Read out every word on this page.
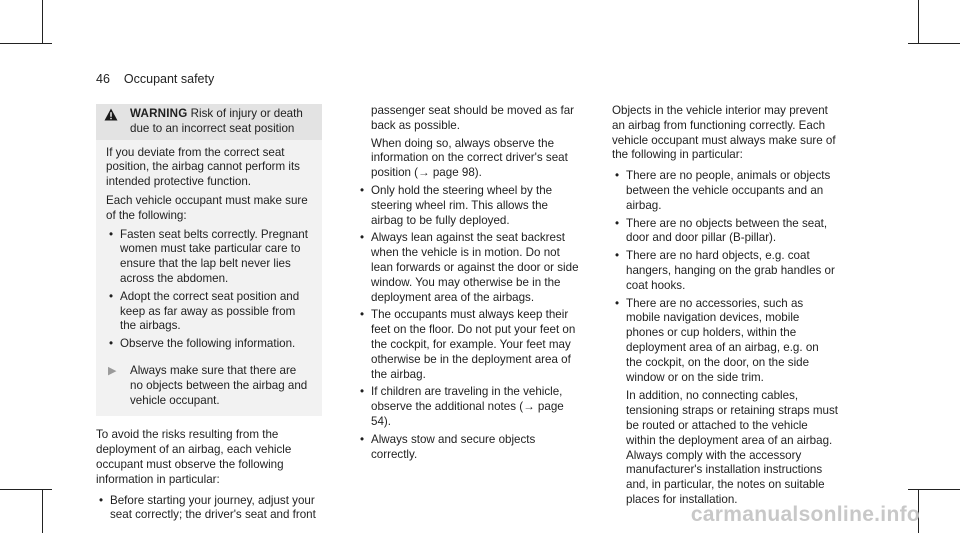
46 Occupant safety
WARNING Risk of injury or death due to an incorrect seat position

If you deviate from the correct seat position, the airbag cannot perform its intended protective function.

Each vehicle occupant must make sure of the following:

• Fasten seat belts correctly. Pregnant women must take particular care to ensure that the lap belt never lies across the abdomen.
• Adopt the correct seat position and keep as far away as possible from the airbags.
• Observe the following information.
▶	Always make sure that there are no objects between the airbag and vehicle occupant.

To avoid the risks resulting from the deployment of an airbag, each vehicle occupant must observe the following information in particular:

• Before starting your journey, adjust your seat correctly; the driver's seat and front

passenger seat should be moved as far back as possible.

When doing so, always observe the information on the correct driver's seat position (→ page 98).

• Only hold the steering wheel by the steering wheel rim. This allows the airbag to be fully deployed.
• Always lean against the seat backrest when the vehicle is in motion. Do not lean forwards or against the door or side window. You may otherwise be in the deployment area of the airbags.
• The occupants must always keep their feet on the floor. Do not put your feet on the cockpit, for example. Your feet may otherwise be in the deployment area of the airbag.
• If children are traveling in the vehicle, observe the additional notes (→ page 54).
• Always stow and secure objects correctly.

Objects in the vehicle interior may prevent an airbag from functioning correctly. Each vehicle occupant must always make sure of the following in particular:

• There are no people, animals or objects between the vehicle occupants and an airbag.
• There are no objects between the seat, door and door pillar (B-pillar).
• There are no hard objects, e.g. coat hangers, hanging on the grab handles or coat hooks.
• There are no accessories, such as mobile navigation devices, mobile phones or cup holders, within the deployment area of an airbag, e.g. on the cockpit, on the door, on the side window or on the side trim.

In addition, no connecting cables, tensioning straps or retaining straps must be routed or attached to the vehicle within the deployment area of an airbag. Always comply with the accessory manufacturer's installation instructions and, in particular, the notes on suitable places for installation.

carmanualsonline.info
